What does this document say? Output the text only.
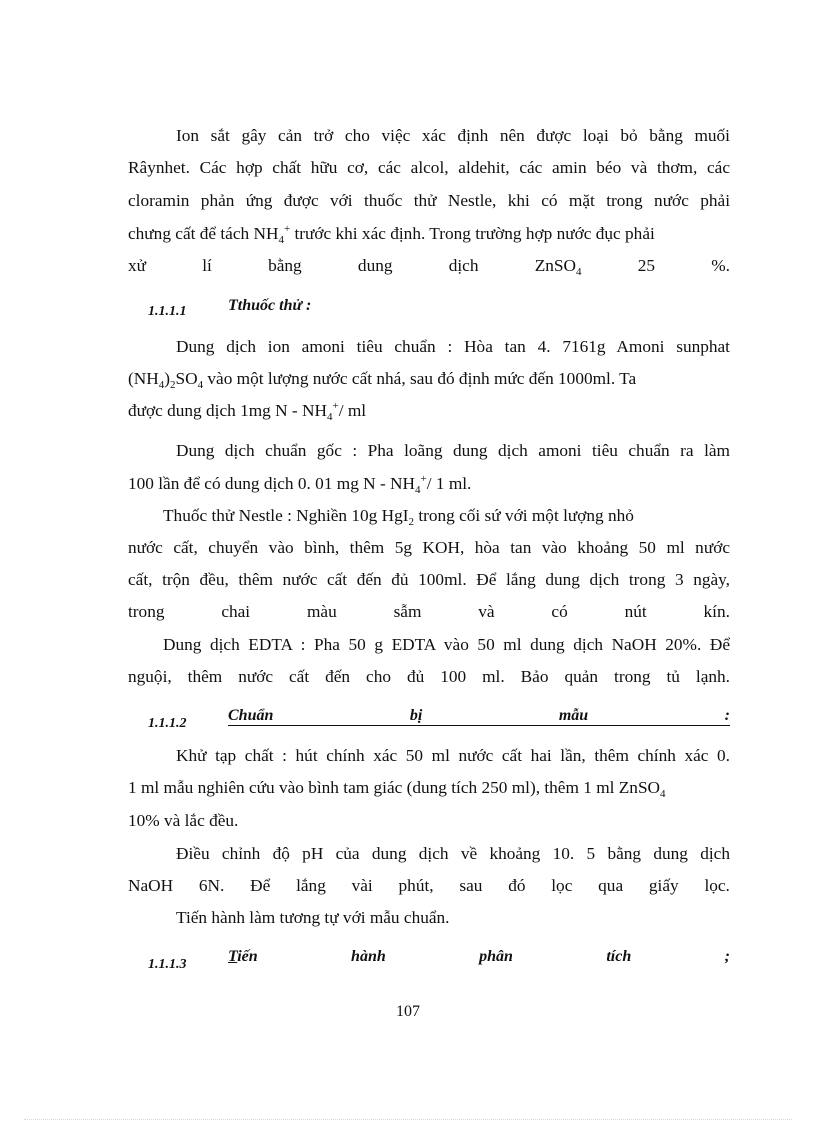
Ion sắt gây cản trở cho việc xác định nên được loại bỏ bằng muối
Râynhet. Các hợp chất hữu cơ, các alcol, aldehit, các amin béo và thơm, các
cloramin phản ứng được với thuốc thử Nestle, khi có mặt trong nước phải
chưng cất để tách $NH_4^+$ trước khi xác định. Trong trường hợp nước đục phải
xử	lí	bằng	dung	dịch	ZnSO$_4$	25	%.
1.1.1.1	Tthuốc thử :
Dung dịch ion amoni tiêu chuẩn : Hòa tan 4. 7161g Amoni sunphat
$(NH_4)_2SO_4$ vào một lượng nước cất nhá, sau đó định mức đến 1000ml. Ta
được dung dịch 1mg N - $NH_4^+/$ ml
Dung dịch chuẩn gốc : Pha loãng dung dịch amoni tiêu chuẩn ra làm
100 lần để có dung dịch 0. 01 mg N - $NH_4^+/$ 1 ml.
Thuốc thử Nestle : Nghiền 10g HgI$_2$ trong cối sứ với một lượng nhỏ
nước cất, chuyển vào bình, thêm 5g KOH, hòa tan vào khoảng 50 ml nước
cất, trộn đều, thêm nước cất đến đủ 100ml. Để lắng dung dịch trong 3 ngày,
trong	chai	màu	sẫm	và	có	nút	kín.
Dung dịch EDTA : Pha 50 g EDTA vào 50 ml dung dịch NaOH 20%. Để
nguội, thêm nước cất đến cho đủ 100 ml. Bảo quản trong tủ lạnh.
1.1.1.2	Chuẩn	bị	mẫu	:
Khử tạp chất : hút chính xác 50 ml nước cất hai lần, thêm chính xác 0.
1 ml mẫu nghiên cứu vào bình tam giác (dung tích 250 ml), thêm 1 ml ZnSO$_4$
10% và lắc đều.
Điều chỉnh độ pH của dung dịch về khoảng 10. 5 bằng dung dịch
NaOH 6N. Để lắng vài phút, sau đó lọc qua giấy lọc.
Tiến hành làm tương tự với mẫu chuẩn.
1.1.1.3	Tiến	hành	phân	tích	;
107
